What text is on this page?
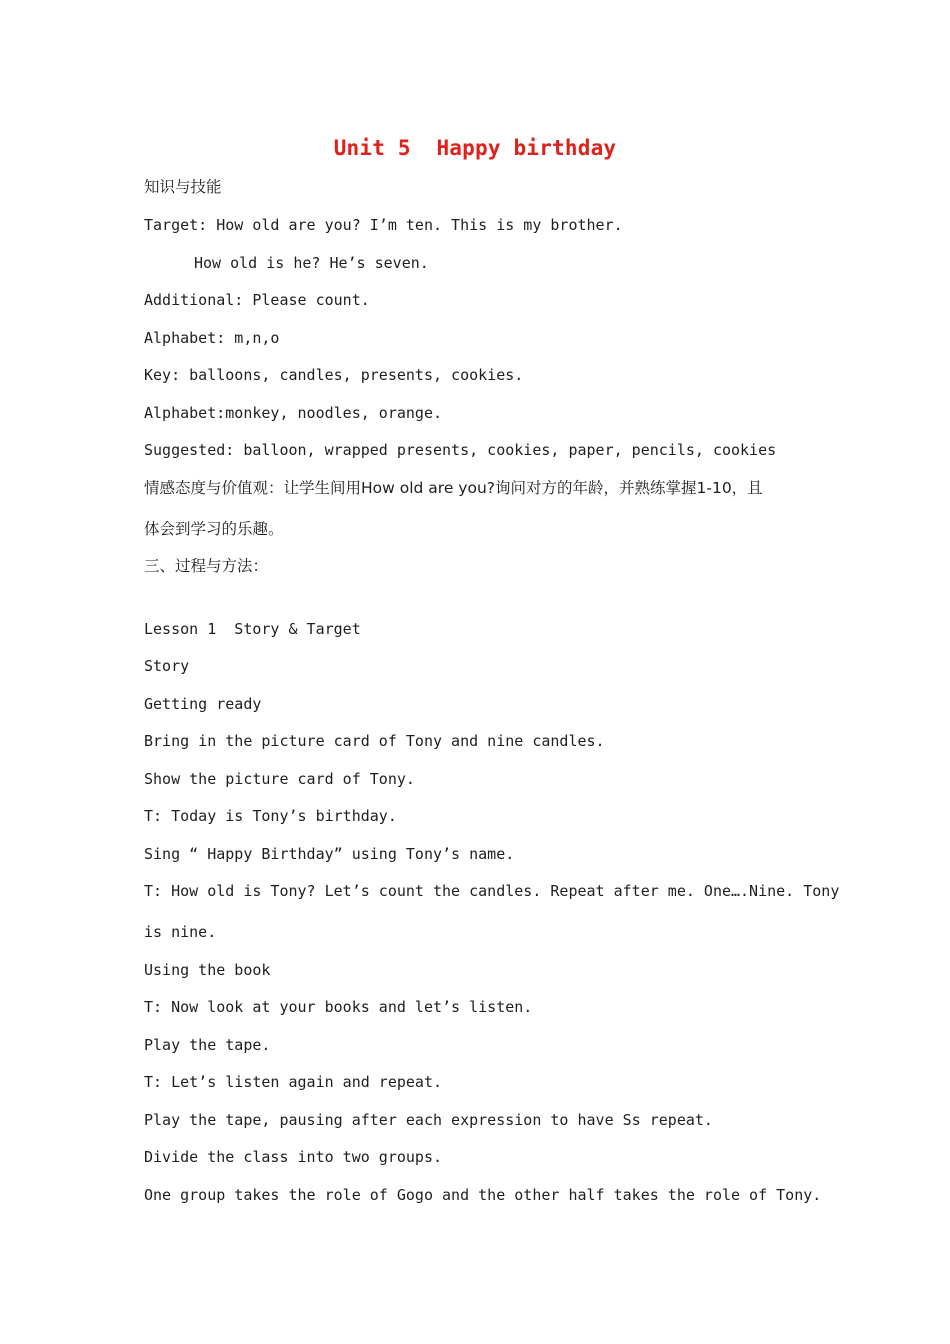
Unit 5  Happy birthday
知识与技能
Target: How old are you? I’m ten. This is my brother.
How old is he? He’s seven.
Additional: Please count.
Alphabet: m,n,o
Key: balloons, candles, presents, cookies.
Alphabet:monkey, noodles, orange.
Suggested: balloon, wrapped presents, cookies, paper, pencils, cookies
情感态度与价值观：让学生间用How old are you?询问对方的年龄，并熟练掌握1-10，且
体会到学习的乐趣。
三、过程与方法：
Lesson 1  Story & Target
Story
Getting ready
Bring in the picture card of Tony and nine candles.
Show the picture card of Tony.
T: Today is Tony’s birthday.
Sing “ Happy Birthday” using Tony’s name.
T: How old is Tony? Let’s count the candles. Repeat after me. One….Nine. Tony
is nine.
Using the book
T: Now look at your books and let’s listen.
Play the tape.
T: Let’s listen again and repeat.
Play the tape, pausing after each expression to have Ss repeat.
Divide the class into two groups.
One group takes the role of Gogo and the other half takes the role of Tony.
